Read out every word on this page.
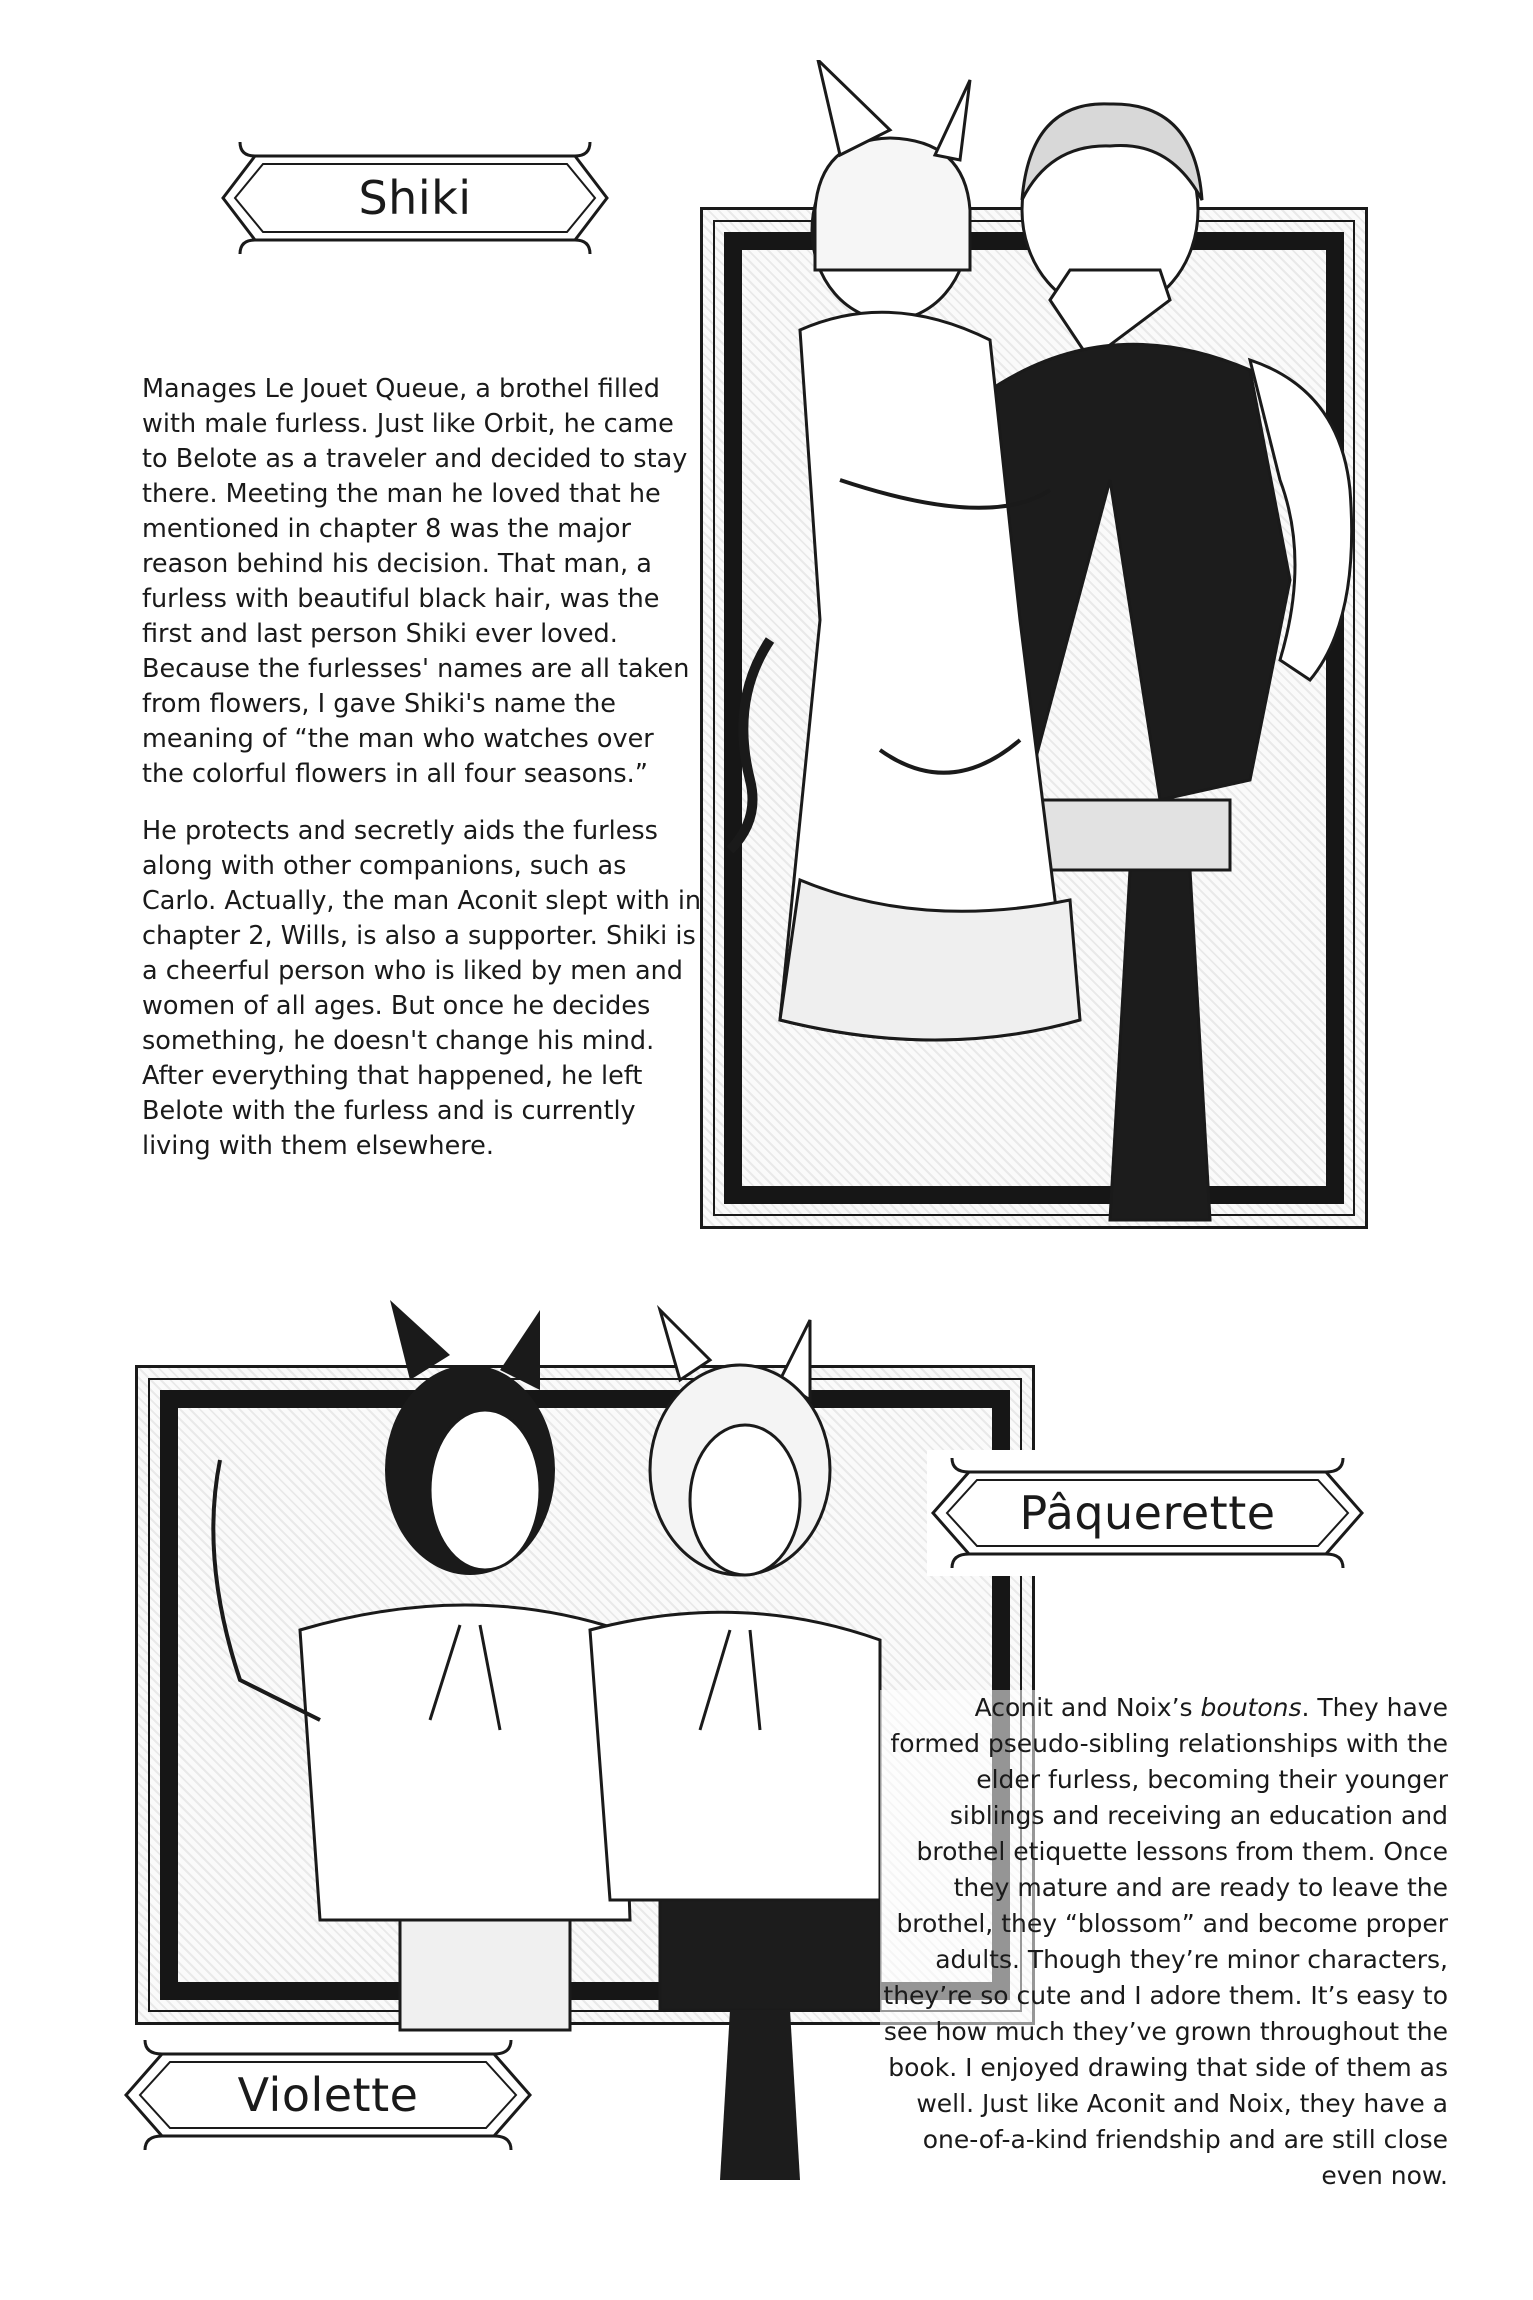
Shiki

Manages Le Jouet Queue, a brothel filled with male furless. Just like Orbit, he came to Belote as a traveler and decided to stay there. Meeting the man he loved that he mentioned in chapter 8 was the major reason behind his decision. That man, a furless with beautiful black hair, was the first and last person Shiki ever loved. Because the furlesses' names are all taken from flowers, I gave Shiki's name the meaning of “the man who watches over the colorful flowers in all four seasons.”

He protects and secretly aids the furless along with other companions, such as Carlo. Actually, the man Aconit slept with in chapter 2, Wills, is also a supporter. Shiki is a cheerful person who is liked by men and women of all ages. But once he decides something, he doesn't change his mind. After everything that happened, he left Belote with the furless and is currently living with them elsewhere.

Pâquerette
Violette

Aconit and Noix’s boutons. They have formed pseudo-sibling relationships with the elder furless, becoming their younger siblings and receiving an education and brothel etiquette lessons from them. Once they mature and are ready to leave the brothel, they “blossom” and become proper adults. Though they’re minor characters, they’re so cute and I adore them. It’s easy to see how much they’ve grown throughout the book. I enjoyed drawing that side of them as well. Just like Aconit and Noix, they have a one-of-a-kind friendship and are still close even now.
